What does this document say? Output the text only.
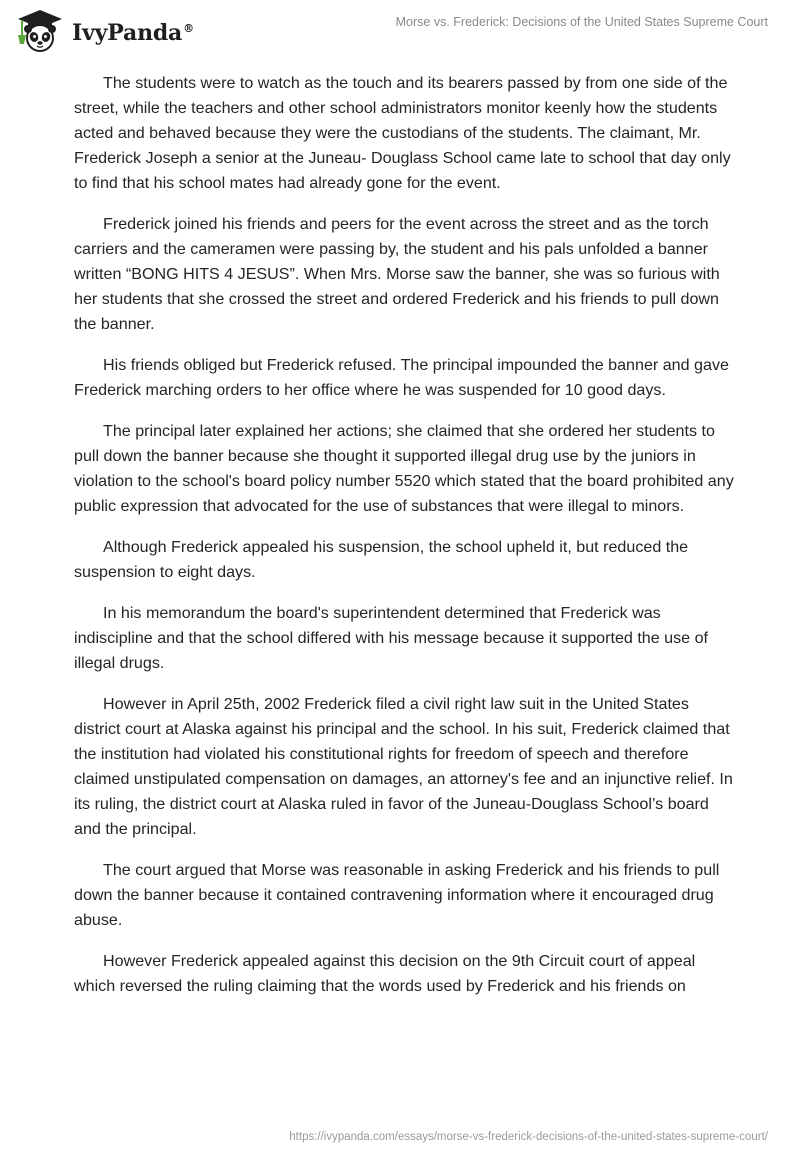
IvyPanda®	Morse vs. Frederick: Decisions of the United States Supreme Court

The students were to watch as the touch and its bearers passed by from one side of the street, while the teachers and other school administrators monitor keenly how the students acted and behaved because they were the custodians of the students. The claimant, Mr. Frederick Joseph a senior at the Juneau- Douglass School came late to school that day only to find that his school mates had already gone for the event.

Frederick joined his friends and peers for the event across the street and as the torch carriers and the cameramen were passing by, the student and his pals unfolded a banner written “BONG HITS 4 JESUS”. When Mrs. Morse saw the banner, she was so furious with her students that she crossed the street and ordered Frederick and his friends to pull down the banner.

His friends obliged but Frederick refused. The principal impounded the banner and gave Frederick marching orders to her office where he was suspended for 10 good days.

The principal later explained her actions; she claimed that she ordered her students to pull down the banner because she thought it supported illegal drug use by the juniors in violation to the school's board policy number 5520 which stated that the board prohibited any public expression that advocated for the use of substances that were illegal to minors.

Although Frederick appealed his suspension, the school upheld it, but reduced the suspension to eight days.

In his memorandum the board's superintendent determined that Frederick was indiscipline and that the school differed with his message because it supported the use of illegal drugs.

However in April 25th, 2002 Frederick filed a civil right law suit in the United States district court at Alaska against his principal and the school. In his suit, Frederick claimed that the institution had violated his constitutional rights for freedom of speech and therefore claimed unstipulated compensation on damages, an attorney's fee and an injunctive relief. In its ruling, the district court at Alaska ruled in favor of the Juneau-Douglass School’s board and the principal.

The court argued that Morse was reasonable in asking Frederick and his friends to pull down the banner because it contained contravening information where it encouraged drug abuse.

However Frederick appealed against this decision on the 9th Circuit court of appeal which reversed the ruling claiming that the words used by Frederick and his friends on

https://ivypanda.com/essays/morse-vs-frederick-decisions-of-the-united-states-supreme-court/
